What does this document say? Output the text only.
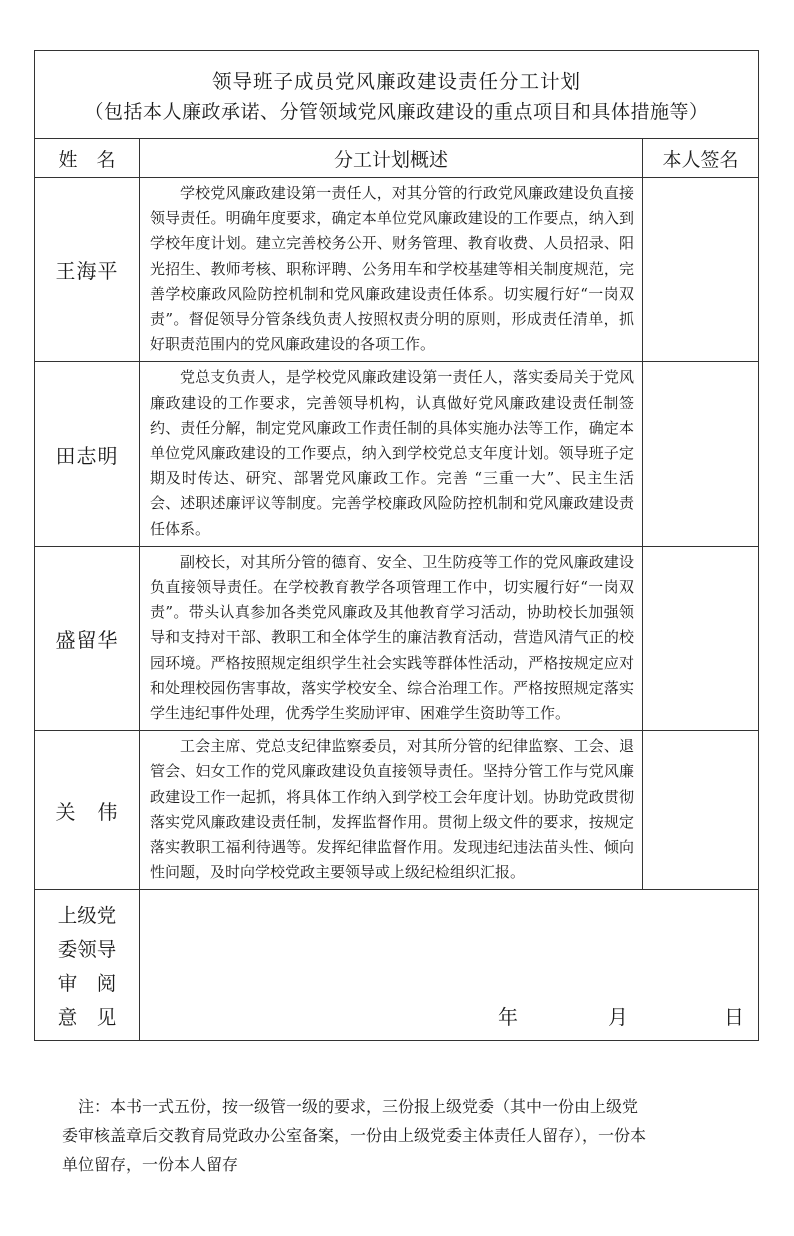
领导班子成员党风廉政建设责任分工计划
（包括本人廉政承诺、分管领域党风廉政建设的重点项目和具体措施等）		

姓　名	分工计划概述	本人签名
王海平	学校党风廉政建设第一责任人，对其分管的行政党风廉政建设负直接领导责任。明确年度要求，确定本单位党风廉政建设的工作要点，纳入到学校年度计划。建立完善校务公开、财务管理、教育收费、人员招录、阳光招生、教师考核、职称评聘、公务用车和学校基建等相关制度规范，完善学校廉政风险防控机制和党风廉政建设责任体系。切实履行好“一岗双责”。督促领导分管条线负责人按照权责分明的原则，形成责任清单，抓好职责范围内的党风廉政建设的各项工作。	

田志明	党总支负责人，是学校党风廉政建设第一责任人，落实委局关于党风廉政建设的工作要求，完善领导机构，认真做好党风廉政建设责任制签约、责任分解，制定党风廉政工作责任制的具体实施办法等工作，确定本单位党风廉政建设的工作要点，纳入到学校党总支年度计划。领导班子定期及时传达、研究、部署党风廉政工作。完善 “三重一大”、民主生活会、述职述廉评议等制度。完善学校廉政风险防控机制和党风廉政建设责任体系。	

盛留华	副校长，对其所分管的德育、安全、卫生防疫等工作的党风廉政建设负直接领导责任。在学校教育教学各项管理工作中，切实履行好“一岗双责”。带头认真参加各类党风廉政及其他教育学习活动，协助校长加强领导和支持对干部、教职工和全体学生的廉洁教育活动，营造风清气正的校园环境。严格按照规定组织学生社会实践等群体性活动，严格按规定应对和处理校园伤害事故，落实学校安全、综合治理工作。严格按照规定落实学生违纪事件处理，优秀学生奖励评审、困难学生资助等工作。	

关　伟	工会主席、党总支纪律监察委员，对其所分管的纪律监察、工会、退管会、妇女工作的党风廉政建设负直接领导责任。坚持分管工作与党风廉政建设工作一起抓，将具体工作纳入到学校工会年度计划。协助党政贯彻落实党风廉政建设责任制，发挥监督作用。贯彻上级文件的要求，按规定落实教职工福利待遇等。发挥纪律监督作用。发现违纪违法苗头性、倾向性问题，及时向学校党政主要领导或上级纪检组织汇报。	

上级党
委领导
审　阅
意　见	年 月 日	
注：本书一式五份，按一级管一级的要求，三份报上级党委（其中一份由上级党
委审核盖章后交教育局党政办公室备案，一份由上级党委主体责任人留存），一份本
单位留存，一份本人留存
